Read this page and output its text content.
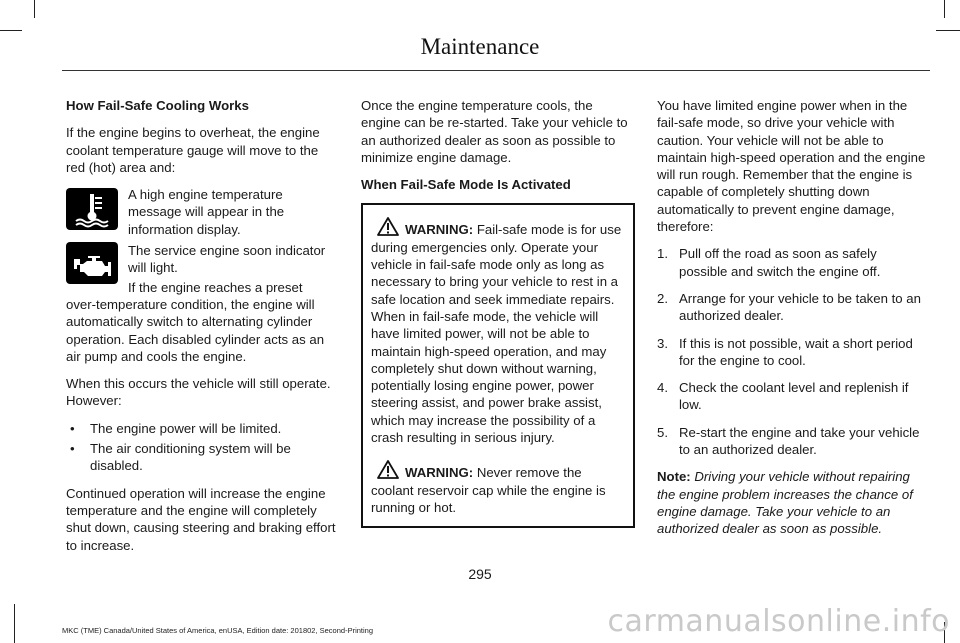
Maintenance

How Fail-Safe Cooling Works

If the engine begins to overheat, the engine coolant temperature gauge will move to the red (hot) area and:

A high engine temperature message will appear in the information display.
The service engine soon indicator will light.
If the engine reaches a preset

over-temperature condition, the engine will automatically switch to alternating cylinder operation. Each disabled cylinder acts as an air pump and cools the engine.

When this occurs the vehicle will still operate. However:

• The engine power will be limited.
• The air conditioning system will be disabled.

Continued operation will increase the engine temperature and the engine will completely shut down, causing steering and braking effort to increase.

Once the engine temperature cools, the engine can be re-started. Take your vehicle to an authorized dealer as soon as possible to minimize engine damage.

When Fail-Safe Mode Is Activated

WARNING: Fail-safe mode is for use during emergencies only. Operate your vehicle in fail-safe mode only as long as necessary to bring your vehicle to rest in a safe location and seek immediate repairs. When in fail-safe mode, the vehicle will have limited power, will not be able to maintain high-speed operation, and may completely shut down without warning, potentially losing engine power, power steering assist, and power brake assist, which may increase the possibility of a crash resulting in serious injury.

WARNING: Never remove the coolant reservoir cap while the engine is running or hot.

You have limited engine power when in the fail-safe mode, so drive your vehicle with caution. Your vehicle will not be able to maintain high-speed operation and the engine will run rough. Remember that the engine is capable of completely shutting down automatically to prevent engine damage, therefore:

1. Pull off the road as soon as safely possible and switch the engine off.
2. Arrange for your vehicle to be taken to an authorized dealer.
3. If this is not possible, wait a short period for the engine to cool.
4. Check the coolant level and replenish if low.
5. Re-start the engine and take your vehicle to an authorized dealer.

Note: Driving your vehicle without repairing the engine problem increases the chance of engine damage. Take your vehicle to an authorized dealer as soon as possible.

295
MKC (TME) Canada/United States of America, enUSA, Edition date: 201802, Second-Printing	carmanualsonline.info
